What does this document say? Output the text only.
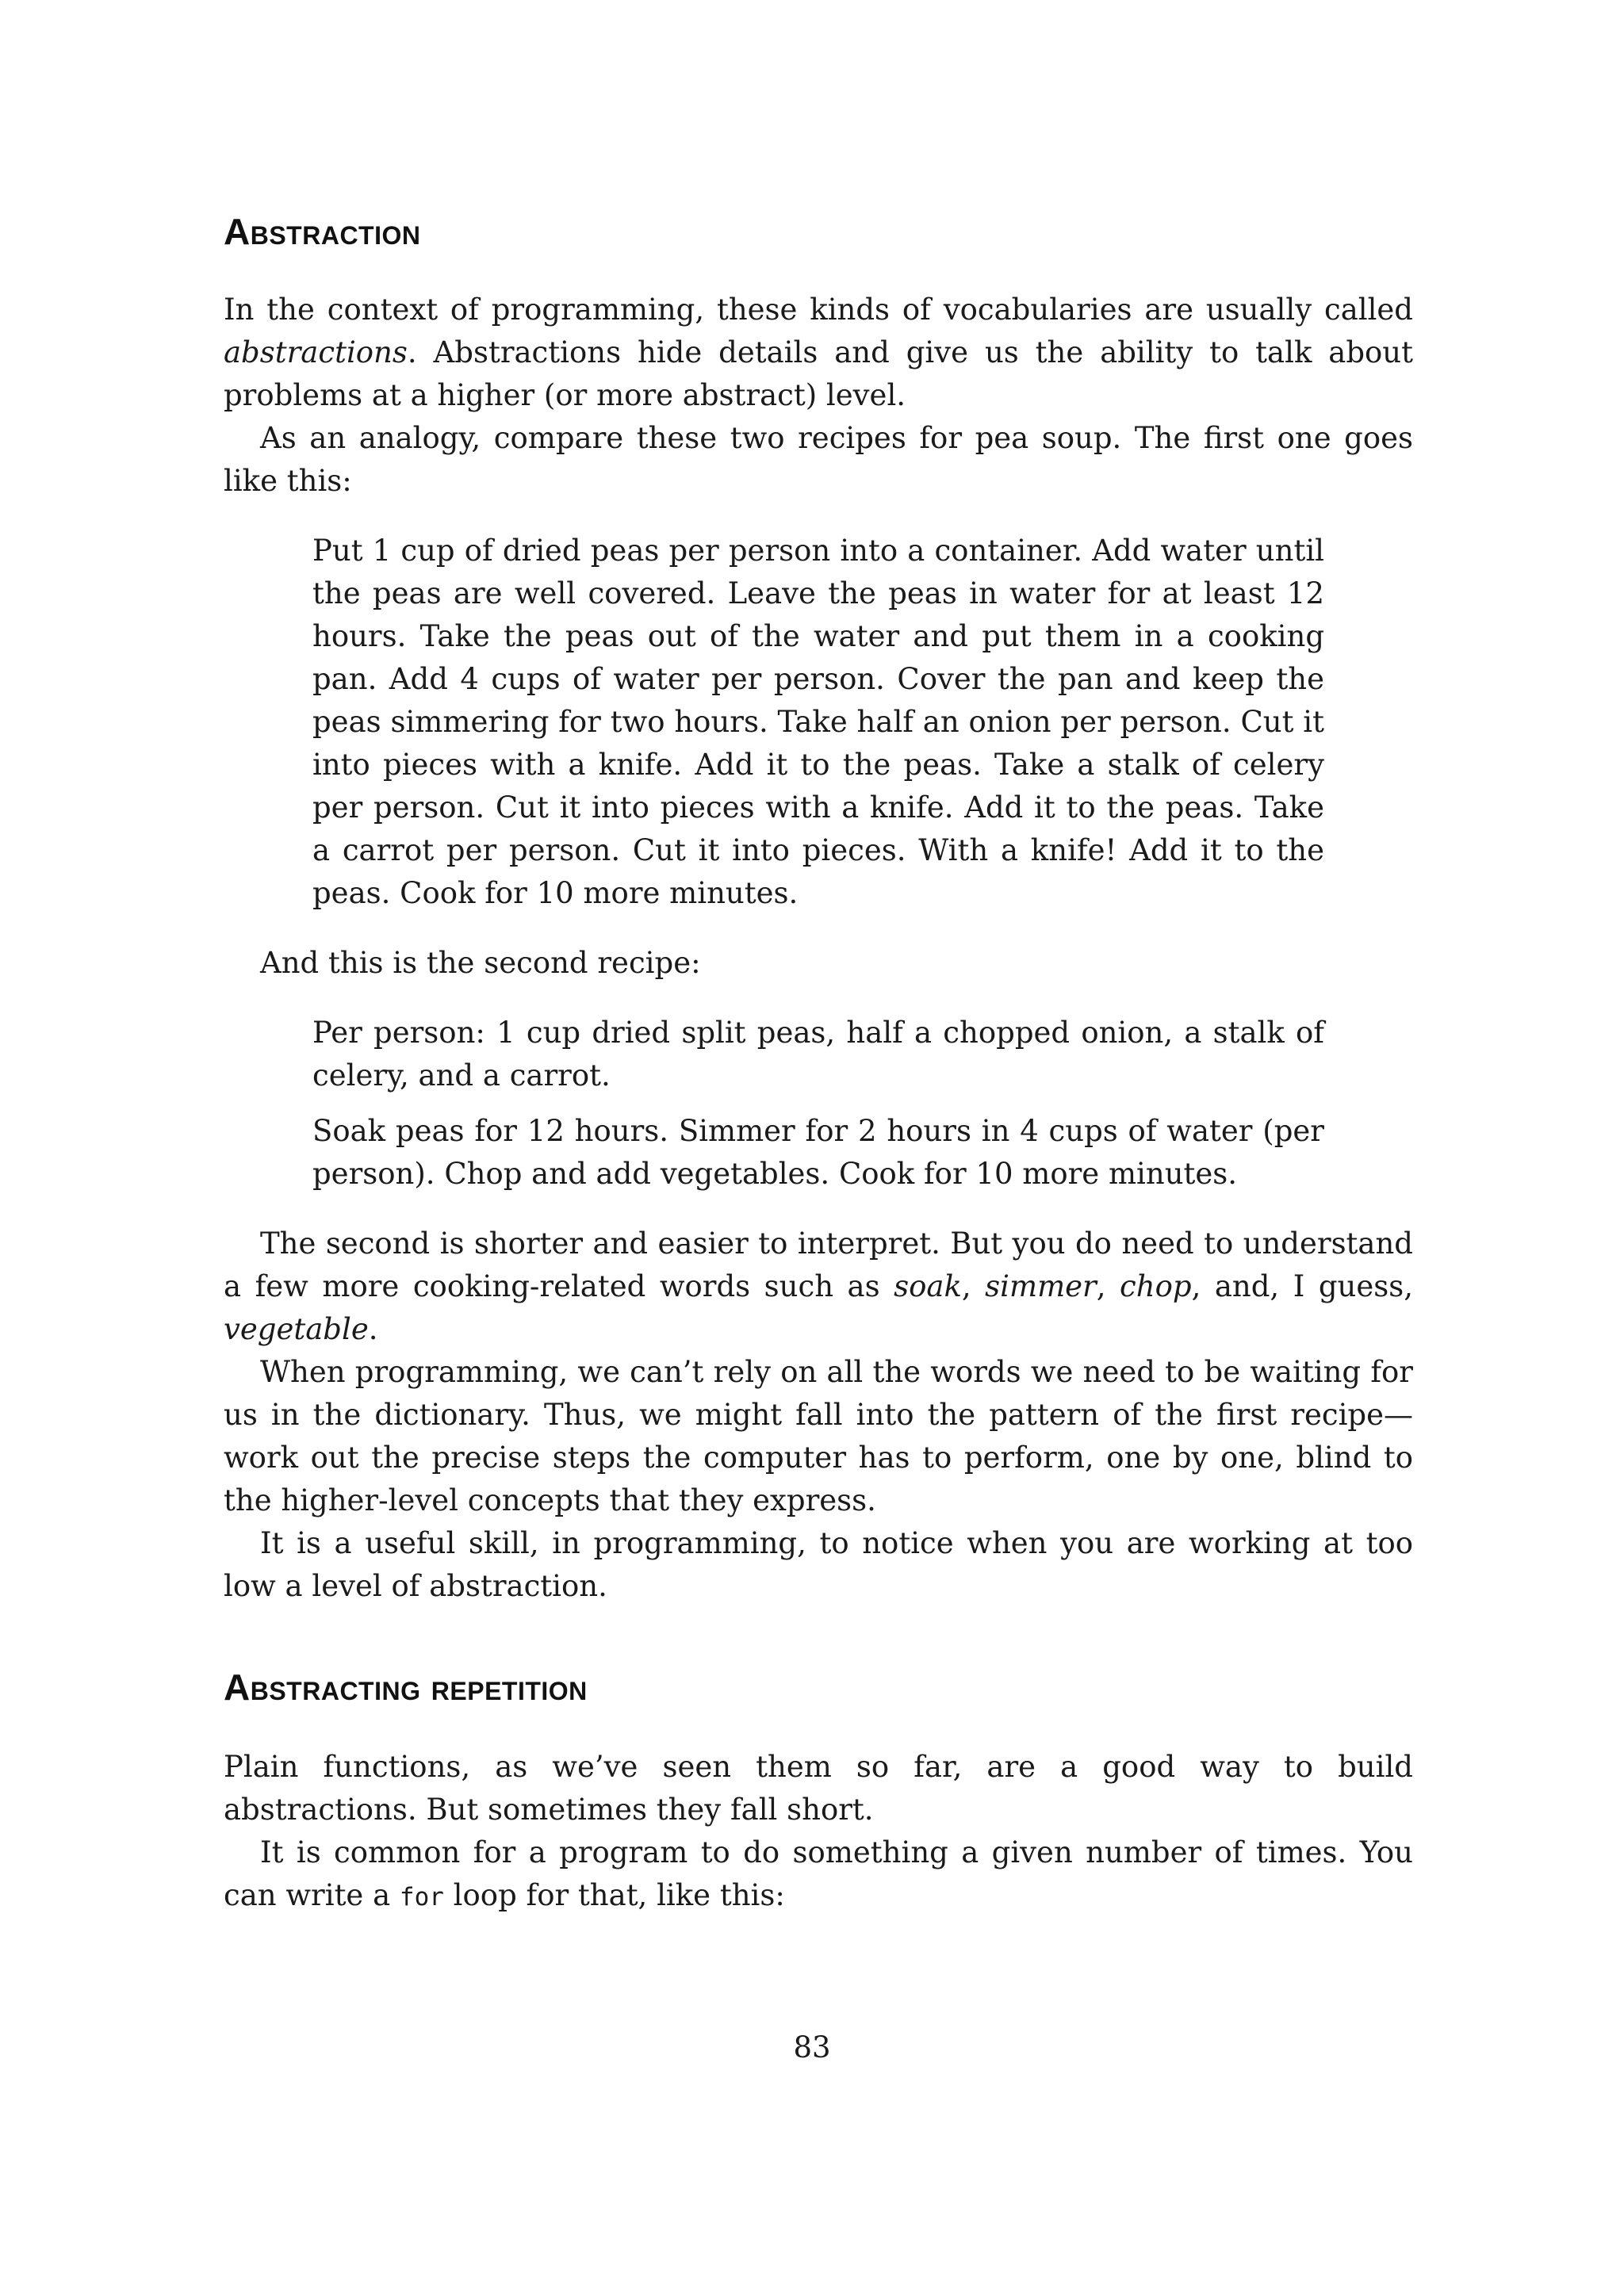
Abstraction

In the context of programming, these kinds of vocabularies are usually called abstractions. Abstractions hide details and give us the ability to talk about problems at a higher (or more abstract) level.

As an analogy, compare these two recipes for pea soup. The first one goes like this:

Put 1 cup of dried peas per person into a container. Add water until the peas are well covered. Leave the peas in water for at least 12 hours. Take the peas out of the water and put them in a cooking pan. Add 4 cups of water per person. Cover the pan and keep the peas simmering for two hours. Take half an onion per person. Cut it into pieces with a knife. Add it to the peas. Take a stalk of celery per person. Cut it into pieces with a knife. Add it to the peas. Take a carrot per person. Cut it into pieces. With a knife! Add it to the peas. Cook for 10 more minutes.

And this is the second recipe:

Per person: 1 cup dried split peas, half a chopped onion, a stalk of celery, and a carrot.

Soak peas for 12 hours. Simmer for 2 hours in 4 cups of water (per person). Chop and add vegetables. Cook for 10 more minutes.

The second is shorter and easier to interpret. But you do need to understand a few more cooking-related words such as soak, simmer, chop, and, I guess, vegetable.

When programming, we can’t rely on all the words we need to be waiting for us in the dictionary. Thus, we might fall into the pattern of the first recipe—work out the precise steps the computer has to perform, one by one, blind to the higher-level concepts that they express.

It is a useful skill, in programming, to notice when you are working at too low a level of abstraction.

Abstracting repetition

Plain functions, as we’ve seen them so far, are a good way to build abstractions. But sometimes they fall short.

It is common for a program to do something a given number of times. You can write a for loop for that, like this:

83
